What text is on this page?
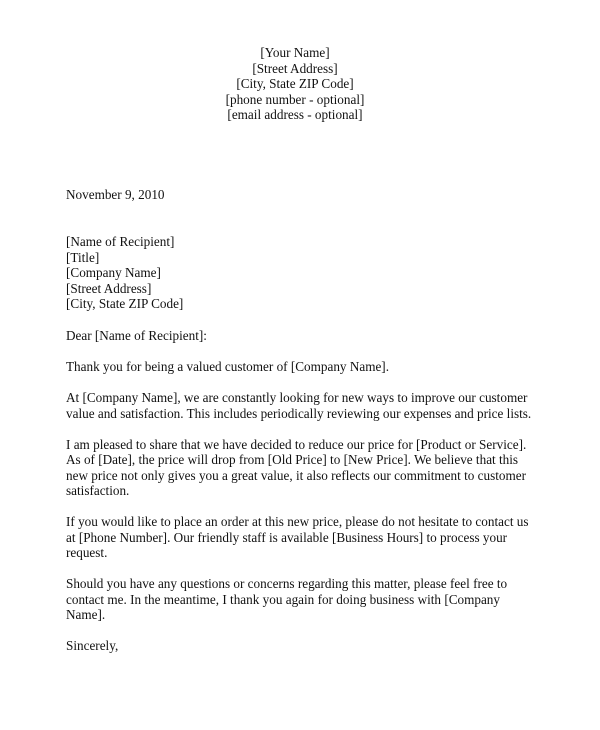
[Your Name]
[Street Address]
[City, State ZIP Code]
[phone number - optional]
[email address - optional]
November 9, 2010
[Name of Recipient]
[Title]
[Company Name]
[Street Address]
[City, State ZIP Code]

Dear [Name of Recipient]:

Thank you for being a valued customer of [Company Name].

At [Company Name], we are constantly looking for new ways to improve our customer
value and satisfaction. This includes periodically reviewing our expenses and price lists.

I am pleased to share that we have decided to reduce our price for [Product or Service].
As of [Date], the price will drop from [Old Price] to [New Price]. We believe that this
new price not only gives you a great value, it also reflects our commitment to customer
satisfaction.

If you would like to place an order at this new price, please do not hesitate to contact us
at [Phone Number]. Our friendly staff is available [Business Hours] to process your
request.

Should you have any questions or concerns regarding this matter, please feel free to
contact me. In the meantime, I thank you again for doing business with [Company
Name].

Sincerely,
